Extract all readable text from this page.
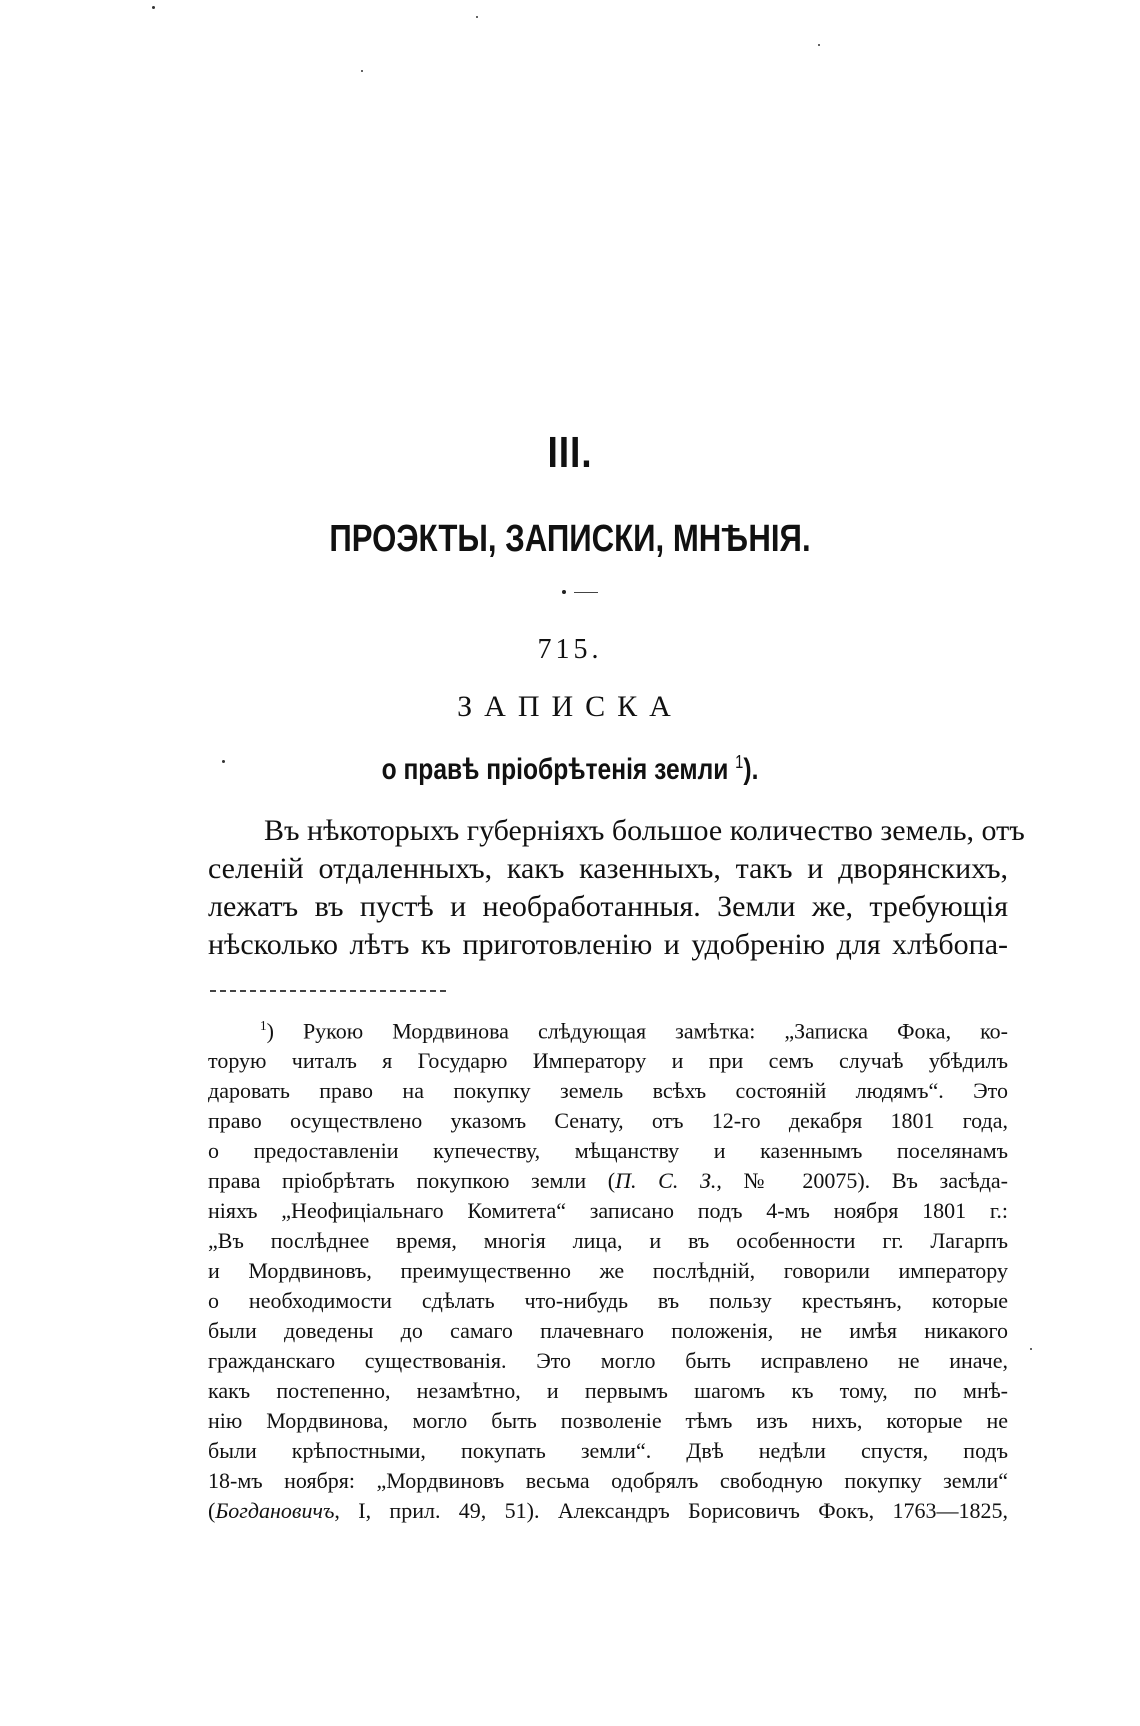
III.
ПРОЭКТЫ, ЗАПИСКИ, МНѢНІЯ.
715.
ЗАПИСКА
о правѣ пріобрѣтенія земли $^1$).
Въ нѣкоторыхъ губерніяхъ большое количество земель, отъ
селеній отдаленныхъ, какъ казенныхъ, такъ и дворянскихъ,
лежатъ въ пустѣ и необработанныя. Земли же, требующія
нѣсколько лѣтъ къ приготовленію и удобренію для хлѣбопа-
$^1$) Рукою Мордвинова слѣдующая замѣтка: „Записка Фока, ко-
торую читалъ я Государю Императору и при семъ случаѣ убѣдилъ
даровать право на покупку земель всѣхъ состояній людямъ“. Это
право осуществлено указомъ Сенату, отъ 12-го декабря 1801 года,
о предоставленіи купечеству, мѣщанству и казеннымъ поселянамъ
права пріобрѣтать покупкою земли (П. С. З., № 20075). Въ засѣда-
ніяхъ „Неофиціальнаго Комитета“ записано подъ 4-мъ ноября 1801 г.:
„Въ послѣднее время, многія лица, и въ особенности гг. Лагарпъ
и Мордвиновъ, преимущественно же послѣдній, говорили императору
о необходимости сдѣлать что-нибудь въ пользу крестьянъ, которые
были доведены до самаго плачевнаго положенія, не имѣя никакого
гражданскаго существованія. Это могло быть исправлено не иначе,
какъ постепенно, незамѣтно, и первымъ шагомъ къ тому, по мнѣ-
нію Мордвинова, могло быть позволеніе тѣмъ изъ нихъ, которые не
были крѣпостными, покупать земли“. Двѣ недѣли спустя, подъ
18-мъ ноября: „Мордвиновъ весьма одобрялъ свободную покупку земли“
(Богдановичъ, I, прил. 49, 51). Александръ Борисовичъ Фокъ, 1763—1825,
